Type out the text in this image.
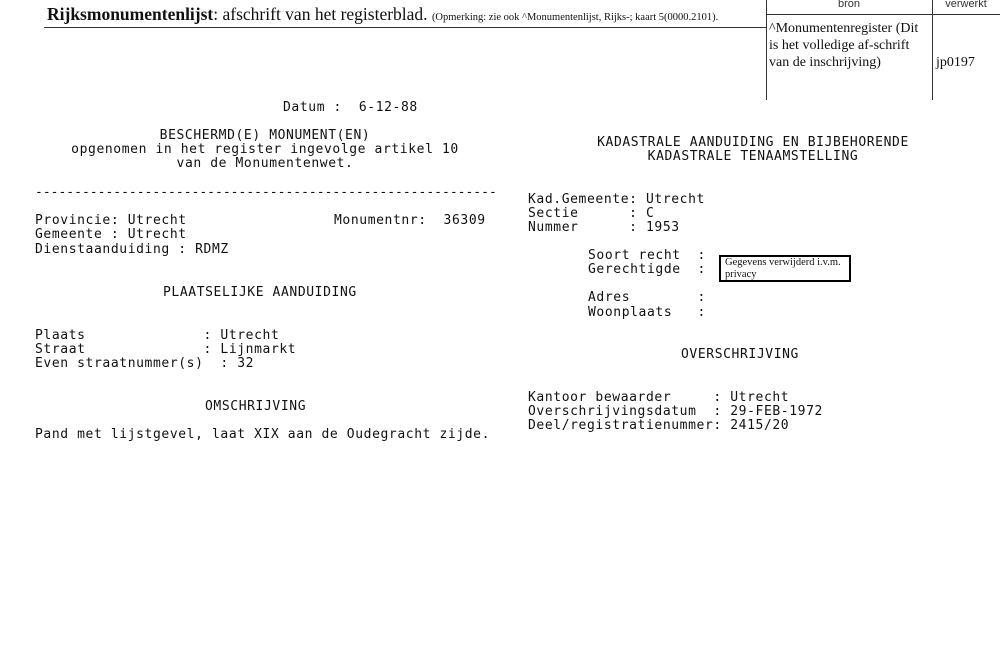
Rijksmonumentenlijst: afschrift van het registerblad. (Opmerking: zie ook ^Monumentenlijst, Rijks-; kaart 5(0000.2101).
bron	verwerkt
^Monumentenregister (Dit is het volledige af-schrift van de inschrijving)	jp0197
Datum :  6-12-88
BESCHERMD(E) MONUMENT(EN)
opgenomen in het register ingevolge artikel 10
van de Monumentenwet.
-----------------------------------------------------------
Provincie: Utrecht	Monumentnr:  36309
Gemeente : Utrecht
Dienstaanduiding : RDMZ
PLAATSELIJKE AANDUIDING
Plaats              : Utrecht
Straat              : Lijnmarkt
Even straatnummer(s)  : 32
OMSCHRIJVING
Pand met lijstgevel, laat XIX aan de Oudegracht zijde.
KADASTRALE AANDUIDING EN BIJBEHORENDE
KADASTRALE TENAAMSTELLING
Kad.Gemeente: Utrecht
Sectie      : C
Nummer      : 1953
Soort recht  :
Gerechtigde  :	Gegevens verwijderd i.v.m. privacy
Adres        :
Woonplaats   :
OVERSCHRIJVING
Kantoor bewaarder     : Utrecht
Overschrijvingsdatum  : 29-FEB-1972
Deel/registratienummer: 2415/20
